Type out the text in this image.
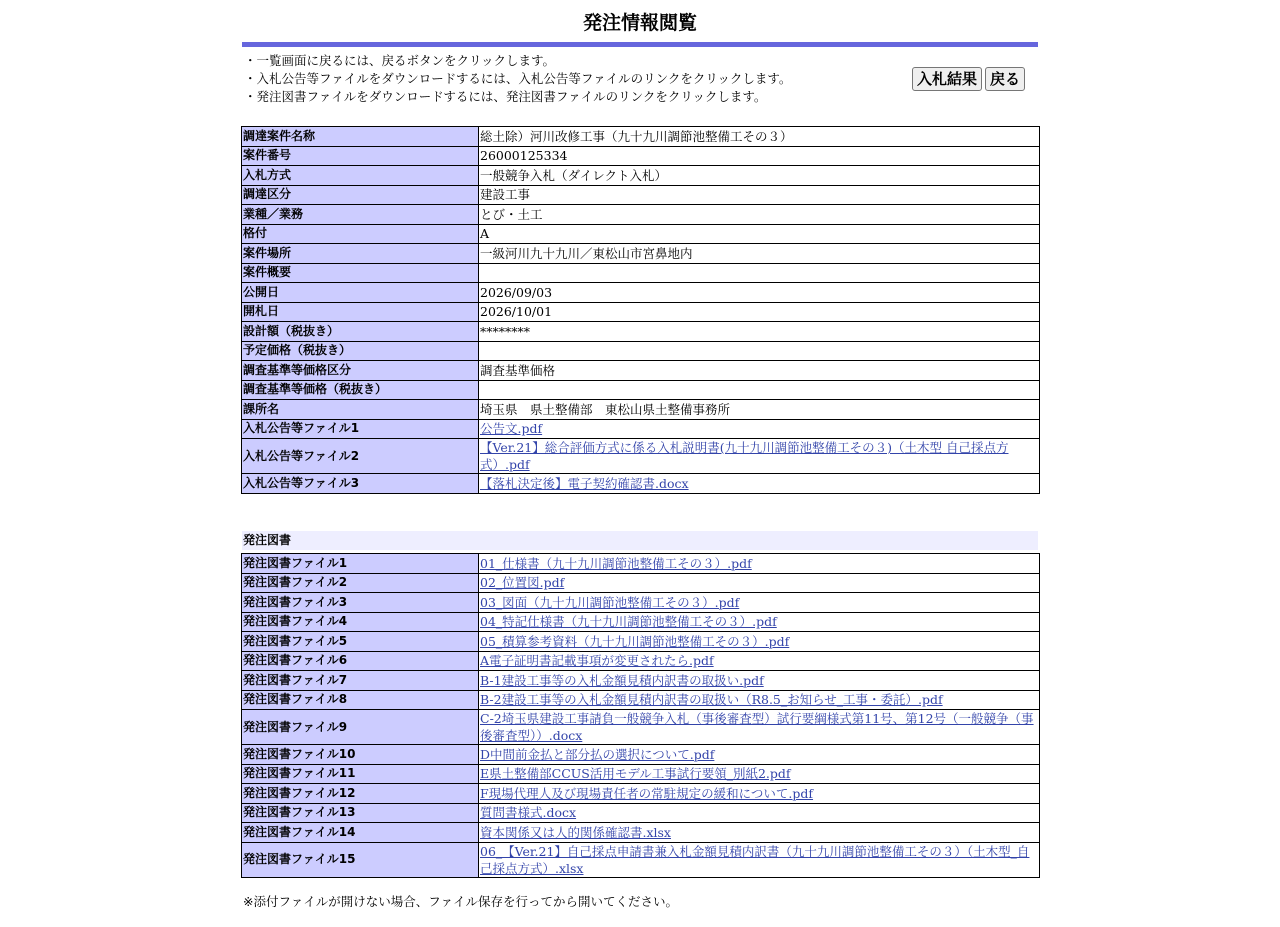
発注情報閲覧
・一覧画面に戻るには、戻るボタンをクリックします。
・入札公告等ファイルをダウンロードするには、入札公告等ファイルのリンクをクリックします。
・発注図書ファイルをダウンロードするには、発注図書ファイルのリンクをクリックします。
入札結果 戻る
調達案件名称	総土除）河川改修工事（九十九川調節池整備工その３）
案件番号	26000125334
入札方式	一般競争入札（ダイレクト入札）
調達区分	建設工事
業種／業務	とび・土工
格付	A
案件場所	一級河川九十九川／東松山市宮鼻地内
案件概要	
公開日	2026/09/03
開札日	2026/10/01
設計額（税抜き）	********
予定価格（税抜き）	
調査基準等価格区分	調査基準価格
調査基準等価格（税抜き）	
課所名	埼玉県　県土整備部　東松山県土整備事務所
入札公告等ファイル1	公告文.pdf
入札公告等ファイル2	【Ver.21】総合評価方式に係る入札説明書(九十九川調節池整備工その３)（土木型 自己採点方式）.pdf
入札公告等ファイル3	【落札決定後】電子契約確認書.docx
発注図書
発注図書ファイル1	01_仕様書（九十九川調節池整備工その３）.pdf
発注図書ファイル2	02_位置図.pdf
発注図書ファイル3	03_図面（九十九川調節池整備工その３）.pdf
発注図書ファイル4	04_特記仕様書（九十九川調節池整備工その３）.pdf
発注図書ファイル5	05_積算参考資料（九十九川調節池整備工その３）.pdf
発注図書ファイル6	A電子証明書記載事項が変更されたら.pdf
発注図書ファイル7	B-1建設工事等の入札金額見積内訳書の取扱い.pdf
発注図書ファイル8	B-2建設工事等の入札金額見積内訳書の取扱い（R8.5_お知らせ_工事・委託）.pdf
発注図書ファイル9	C-2埼玉県建設工事請負一般競争入札（事後審査型）試行要綱様式第11号、第12号（一般競争（事後審査型））.docx
発注図書ファイル10	D中間前金払と部分払の選択について.pdf
発注図書ファイル11	E県土整備部CCUS活用モデル工事試行要領_別紙2.pdf
発注図書ファイル12	F現場代理人及び現場責任者の常駐規定の緩和について.pdf
発注図書ファイル13	質問書様式.docx
発注図書ファイル14	資本関係又は人的関係確認書.xlsx
発注図書ファイル15	06_【Ver.21】自己採点申請書兼入札金額見積内訳書（九十九川調節池整備工その３）（土木型_自己採点方式）.xlsx
※添付ファイルが開けない場合、ファイル保存を行ってから開いてください。
